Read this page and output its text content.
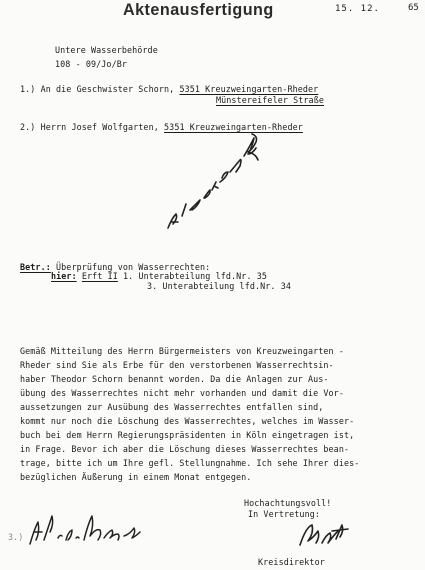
Aktenausfertigung	15. 12.	65
Untere Wasserbehörde
108 - 09/Jo/Br
1.) An die Geschwister Schorn, 5351 Kreuzweingarten-Rheder
Münstereifeler Straße
2.) Herrn Josef Wolfgarten, 5351 Kreuzweingarten-Rheder
Betr.: Überprüfung von Wasserrechten:
hier: Erft II 1. Unterabteilung lfd.Nr. 35
3. Unterabteilung lfd.Nr. 34
Gemäß Mitteilung des Herrn Bürgermeisters von Kreuzweingarten -
Rheder sind Sie als Erbe für den verstorbenen Wasserrechtsin-
haber Theodor Schorn benannt worden. Da die Anlagen zur Aus-
übung des Wasserrechtes nicht mehr vorhanden und damit die Vor-
aussetzungen zur Ausübung des Wasserrechtes entfallen sind,
kommt nur noch die Löschung des Wasserrechtes, welches im Wasser-
buch bei dem Herrn Regierungspräsidenten in Köln eingetragen ist,
in Frage. Bevor ich aber die Löschung dieses Wasserrechtes bean-
trage, bitte ich um Ihre gefl. Stellungnahme. Ich sehe Ihrer dies-
bezüglichen Äußerung in einem Monat entgegen.
Hochachtungsvoll!
In Vertretung:
Kreisdirektor
3.)
